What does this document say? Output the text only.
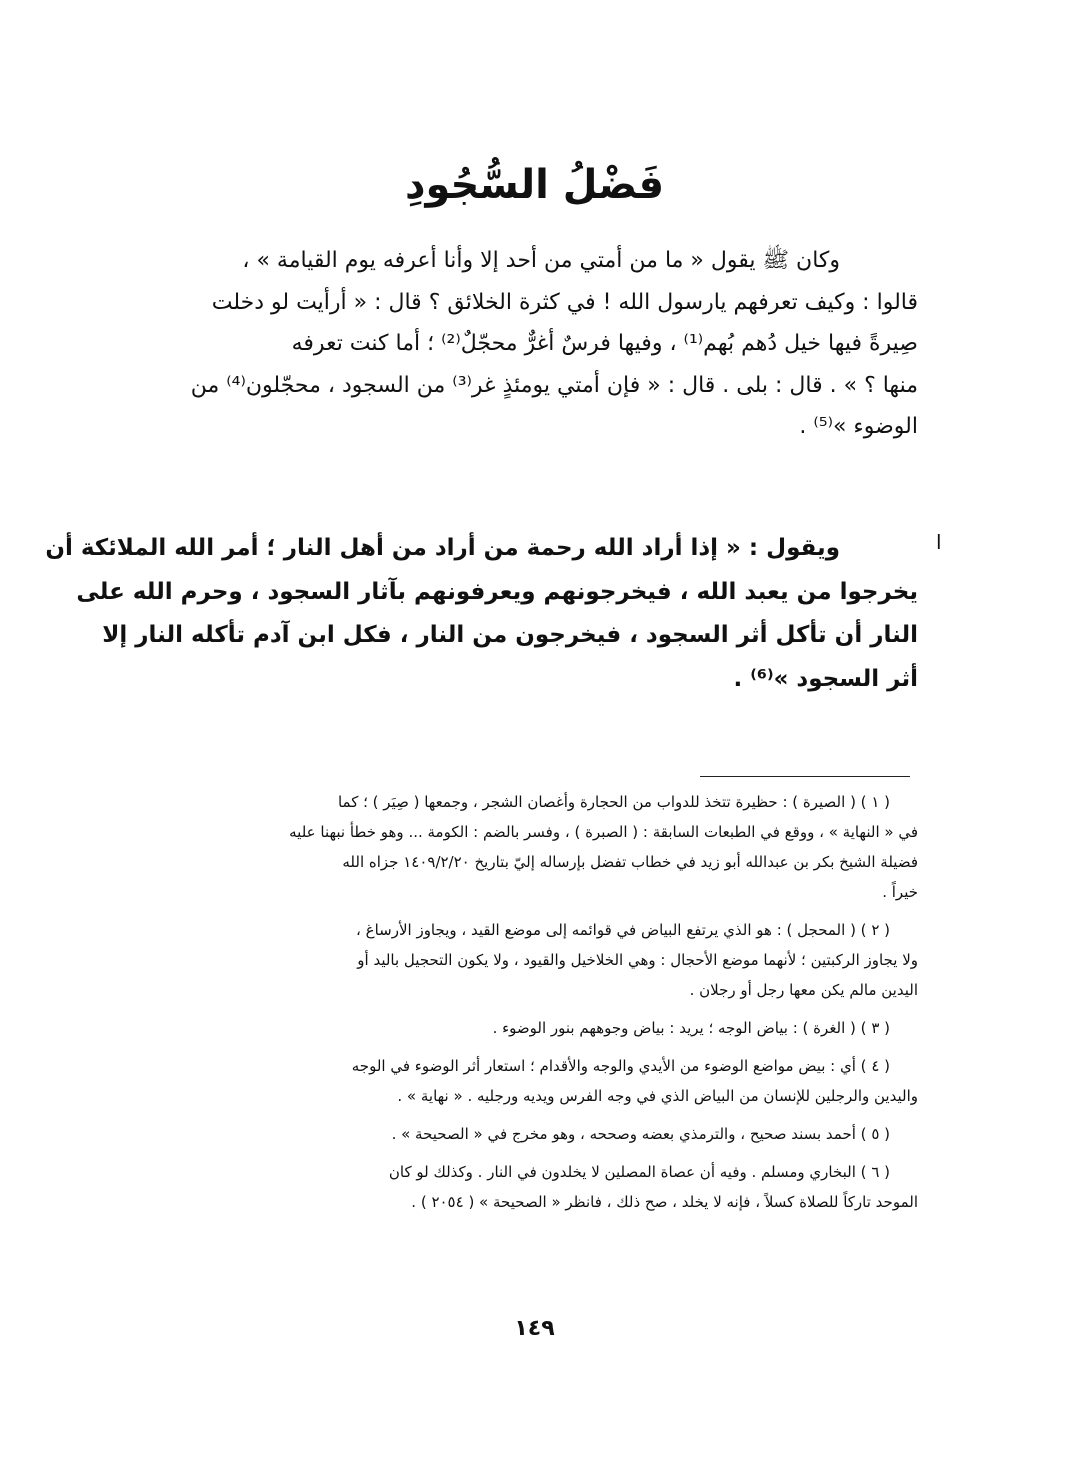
فَضْلُ السُّجُودِ
وكان ﷺ يقول « ما من أمتي من أحد إلا وأنا أعرفه يوم القيامة » ،
قالوا : وكيف تعرفهم يارسول الله ! في كثرة الخلائق ؟ قال : « أرأيت لو دخلت
صِيرةً فيها خيل دُهم بُهم⁽¹⁾ ، وفيها فرسٌ أغرٌّ محجّلٌ⁽²⁾ ؛ أما كنت تعرفه
منها ؟ » . قال : بلى . قال : « فإن أمتي يومئذٍ غر⁽³⁾ من السجود ، محجّلون⁽⁴⁾ من
الوضوء »⁽⁵⁾ .
ا
ويقول : « إذا أراد الله رحمة من أراد من أهل النار ؛ أمر الله الملائكة أن
يخرجوا من يعبد الله ، فيخرجونهم ويعرفونهم بآثار السجود ، وحرم الله على
النار أن تأكل أثر السجود ، فيخرجون من النار ، فكل ابن آدم تأكله النار إلا
أثر السجود »⁽⁶⁾ .
( ١ ) ( الصيرة ) : حظيرة تتخذ للدواب من الحجارة وأغصان الشجر ، وجمعها ( صِيَر ) ؛ كما
في « النهاية » ، ووقع في الطبعات السابقة : ( الصبرة ) ، وفسر بالضم : الكومة ... وهو خطأ نبهنا عليه
فضيلة الشيخ بكر بن عبدالله أبو زيد في خطاب تفضل بإرساله إليّ بتاريخ ١٤٠٩/٢/٢٠ جزاه الله
خيراً .
( ٢ ) ( المحجل ) : هو الذي يرتفع البياض في قوائمه إلى موضع القيد ، ويجاوز الأرساغ ،
ولا يجاوز الركبتين ؛ لأنهما موضع الأحجال : وهي الخلاخيل والقيود ، ولا يكون التحجيل باليد أو
اليدين مالم يكن معها رجل أو رجلان .
( ٣ ) ( الغرة ) : بياض الوجه ؛ يريد : بياض وجوههم بنور الوضوء .
( ٤ ) أي : بيض مواضع الوضوء من الأيدي والوجه والأقدام ؛ استعار أثر الوضوء في الوجه
واليدين والرجلين للإنسان من البياض الذي في وجه الفرس ويديه ورجليه . « نهاية » .
( ٥ ) أحمد بسند صحيح ، والترمذي بعضه وصححه ، وهو مخرج في « الصحيحة » .
( ٦ ) البخاري ومسلم . وفيه أن عصاة المصلين لا يخلدون في النار . وكذلك لو كان
الموحد تاركاً للصلاة كسلاً ، فإنه لا يخلد ، صح ذلك ، فانظر « الصحيحة » ( ٢٠٥٤ ) .
١٤٩
